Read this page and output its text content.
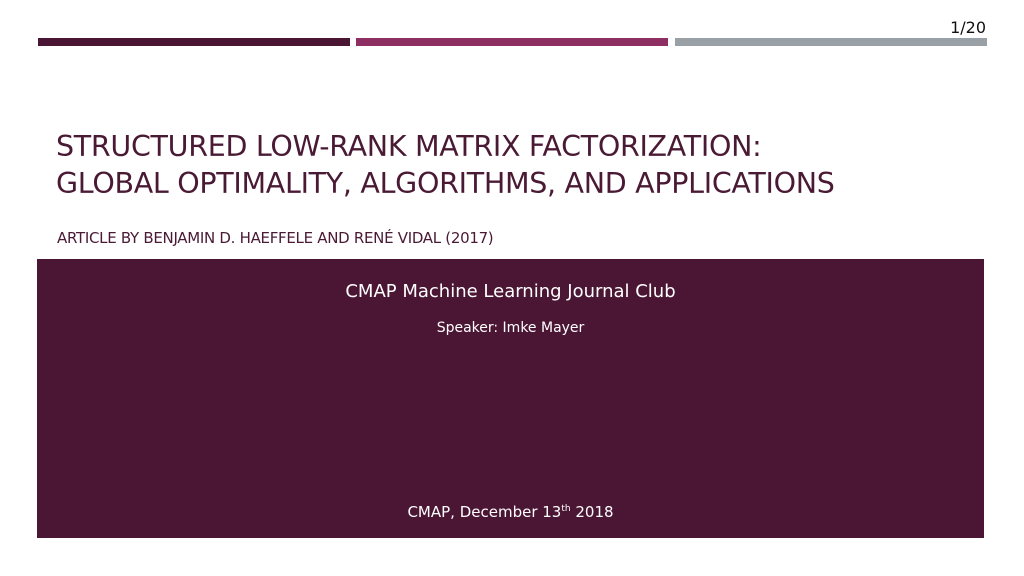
1/20
STRUCTURED LOW-RANK MATRIX FACTORIZATION:
GLOBAL OPTIMALITY, ALGORITHMS, AND APPLICATIONS
ARTICLE BY BENJAMIN D. HAEFFELE AND RENÉ VIDAL (2017)
CMAP Machine Learning Journal Club
Speaker: Imke Mayer
CMAP, December 13th 2018
